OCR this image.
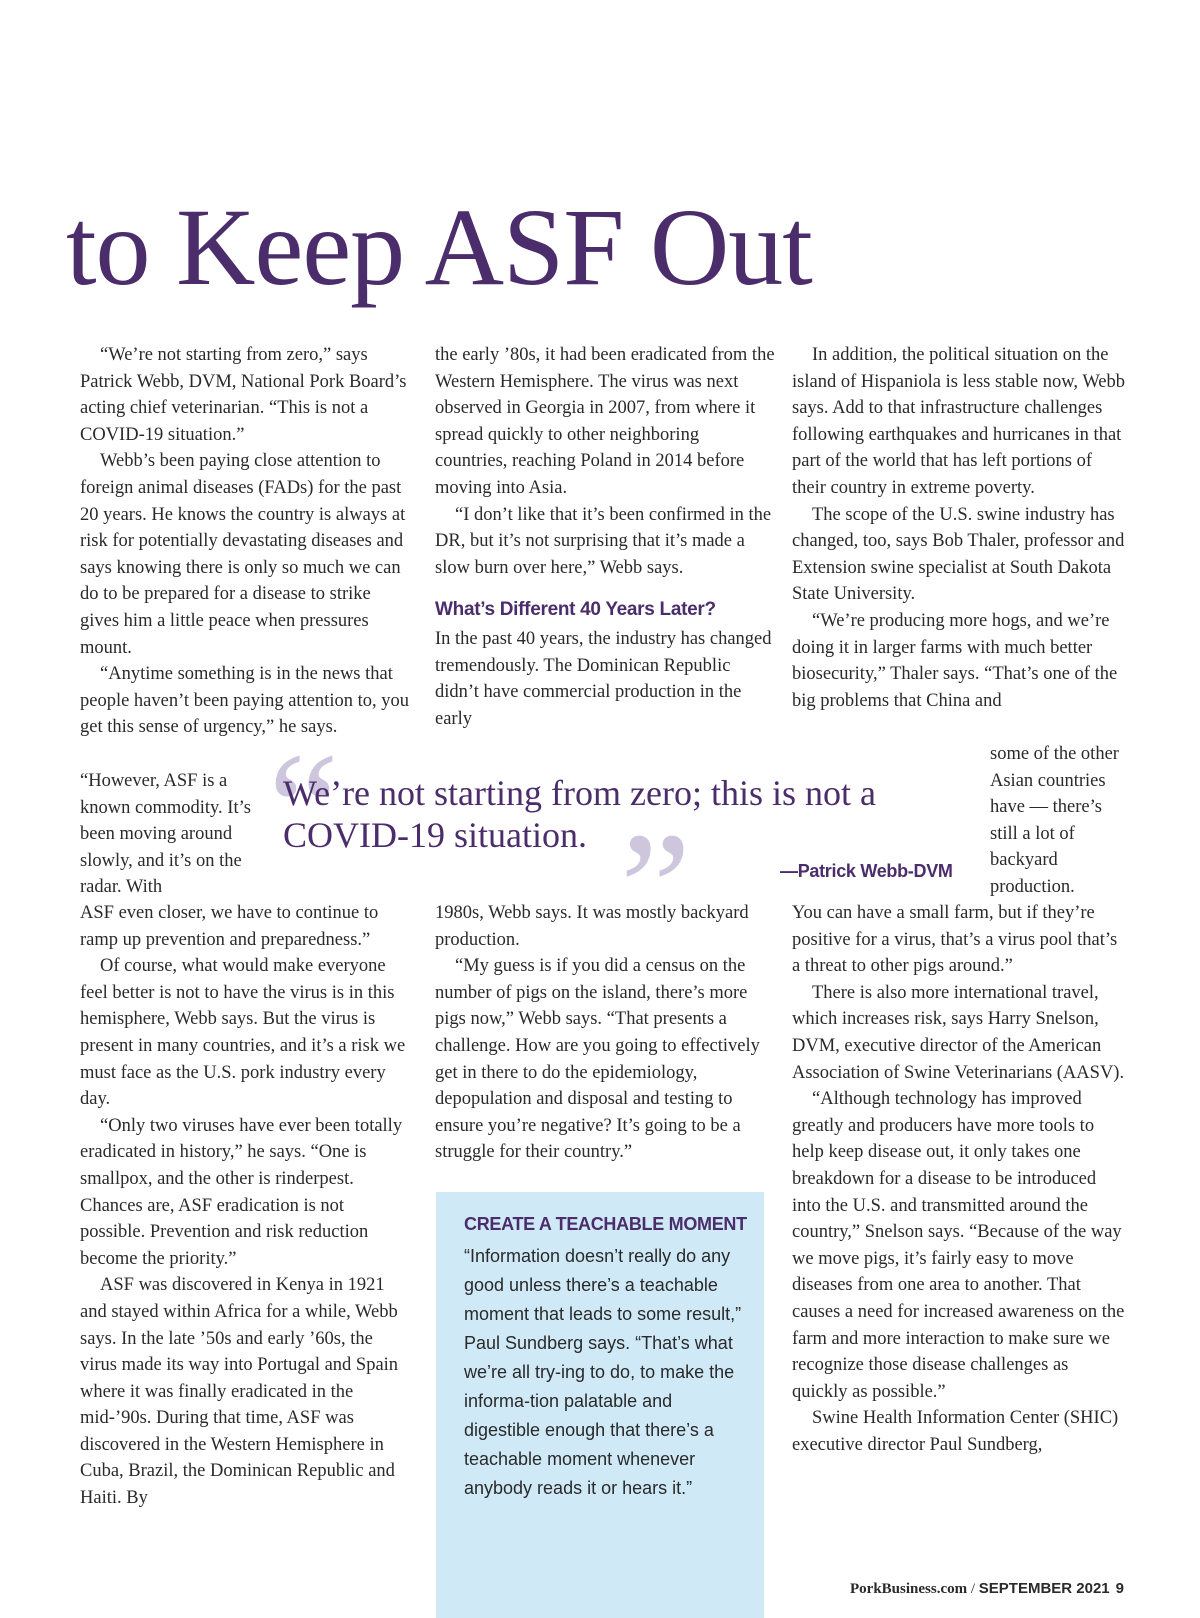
to Keep ASF Out

“We’re not starting from zero,” says Patrick Webb, DVM, National Pork Board’s acting chief veterinarian. “This is not a COVID-19 situation.”

Webb’s been paying close attention to foreign animal diseases (FADs) for the past 20 years. He knows the country is always at risk for potentially devastating diseases and says knowing there is only so much we can do to be prepared for a disease to strike gives him a little peace when pressures mount.

“Anytime something is in the news that people haven’t been paying attention to, you get this sense of urgency,” he says.

“However, ASF is a known commodity. It’s been moving around slowly, and it’s on the radar. With

ASF even closer, we have to continue to ramp up prevention and preparedness.”

Of course, what would make everyone feel better is not to have the virus is in this hemisphere, Webb says. But the virus is present in many countries, and it’s a risk we must face as the U.S. pork industry every day.

“Only two viruses have ever been totally eradicated in history,” he says. “One is smallpox, and the other is rinderpest. Chances are, ASF eradication is not possible. Prevention and risk reduction become the priority.”

ASF was discovered in Kenya in 1921 and stayed within Africa for a while, Webb says. In the late ’50s and early ’60s, the virus made its way into Portugal and Spain where it was finally eradicated in the mid-’90s. During that time, ASF was discovered in the Western Hemisphere in Cuba, Brazil, the Dominican Republic and Haiti. By

the early ’80s, it had been eradicated from the Western Hemisphere. The virus was next observed in Georgia in 2007, from where it spread quickly to other neighboring countries, reaching Poland in 2014 before moving into Asia.

“I don’t like that it’s been confirmed in the DR, but it’s not surprising that it’s made a slow burn over here,” Webb says.

What’s Different 40 Years Later?

In the past 40 years, the industry has changed tremendously. The Dominican Republic didn’t have commercial production in the early

1980s, Webb says. It was mostly backyard production.

“My guess is if you did a census on the number of pigs on the island, there’s more pigs now,” Webb says. “That presents a challenge. How are you going to effectively get in there to do the epidemiology, depopulation and disposal and testing to ensure you’re negative? It’s going to be a struggle for their country.”

In addition, the political situation on the island of Hispaniola is less stable now, Webb says. Add to that infrastructure challenges following earthquakes and hurricanes in that part of the world that has left portions of their country in extreme poverty.

The scope of the U.S. swine industry has changed, too, says Bob Thaler, professor and Extension swine specialist at South Dakota State University.

“We’re producing more hogs, and we’re doing it in larger farms with much better biosecurity,” Thaler says. “That’s one of the big problems that China and

some of the other Asian countries have — there’s still a lot of backyard production.

You can have a small farm, but if they’re positive for a virus, that’s a virus pool that’s a threat to other pigs around.”

There is also more international travel, which increases risk, says Harry Snelson, DVM, executive director of the American Association of Swine Veterinarians (AASV).

“Although technology has improved greatly and producers have more tools to help keep disease out, it only takes one breakdown for a disease to be introduced into the U.S. and transmitted around the country,” Snelson says. “Because of the way we move pigs, it’s fairly easy to move diseases from one area to another. That causes a need for increased awareness on the farm and more interaction to make sure we recognize those disease challenges as quickly as possible.”

Swine Health Information Center (SHIC) executive director Paul Sundberg,

“ ”

We’re not starting from zero; this is not a COVID-19 situation.

—Patrick Webb-DVM
CREATE A TEACHABLE MOMENT

“Information doesn’t really do any good unless there’s a teachable moment that leads to some result,” Paul Sundberg says. “That’s what we’re all try-ing to do, to make the informa-tion palatable and digestible enough that there’s a teachable moment whenever anybody reads it or hears it.”

PorkBusiness.com / SEPTEMBER 2021 9
